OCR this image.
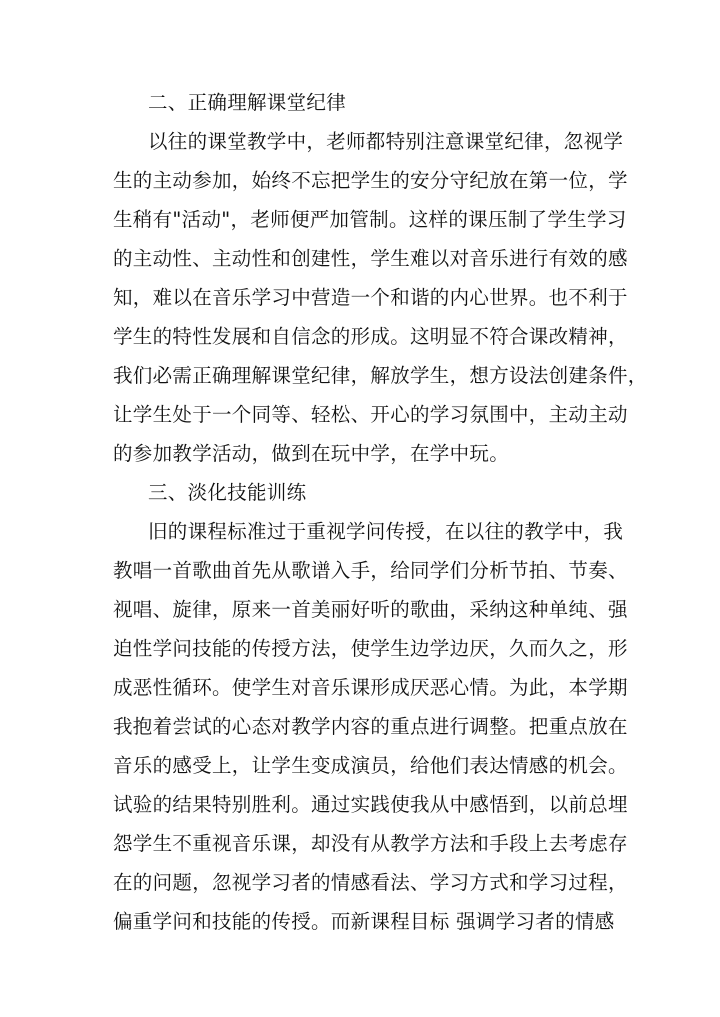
二、正确理解课堂纪律
以往的课堂教学中，老师都特别注意课堂纪律，忽视学
生的主动参加，始终不忘把学生的安分守纪放在第一位，学
生稍有"活动"，老师便严加管制。这样的课压制了学生学习
的主动性、主动性和创建性，学生难以对音乐进行有效的感
知，难以在音乐学习中营造一个和谐的内心世界。也不利于
学生的特性发展和自信念的形成。这明显不符合课改精神，
我们必需正确理解课堂纪律，解放学生，想方设法创建条件，
让学生处于一个同等、轻松、开心的学习氛围中，主动主动
的参加教学活动，做到在玩中学，在学中玩。
三、淡化技能训练
旧的课程标准过于重视学问传授，在以往的教学中，我
教唱一首歌曲首先从歌谱入手，给同学们分析节拍、节奏、
视唱、旋律，原来一首美丽好听的歌曲，采纳这种单纯、强
迫性学问技能的传授方法，使学生边学边厌，久而久之，形
成恶性循环。使学生对音乐课形成厌恶心情。为此，本学期
我抱着尝试的心态对教学内容的重点进行调整。把重点放在
音乐的感受上，让学生变成演员，给他们表达情感的机会。
试验的结果特别胜利。通过实践使我从中感悟到，以前总埋
怨学生不重视音乐课，却没有从教学方法和手段上去考虑存
在的问题，忽视学习者的情感看法、学习方式和学习过程，
偏重学问和技能的传授。而新课程目标 强调学习者的情感
